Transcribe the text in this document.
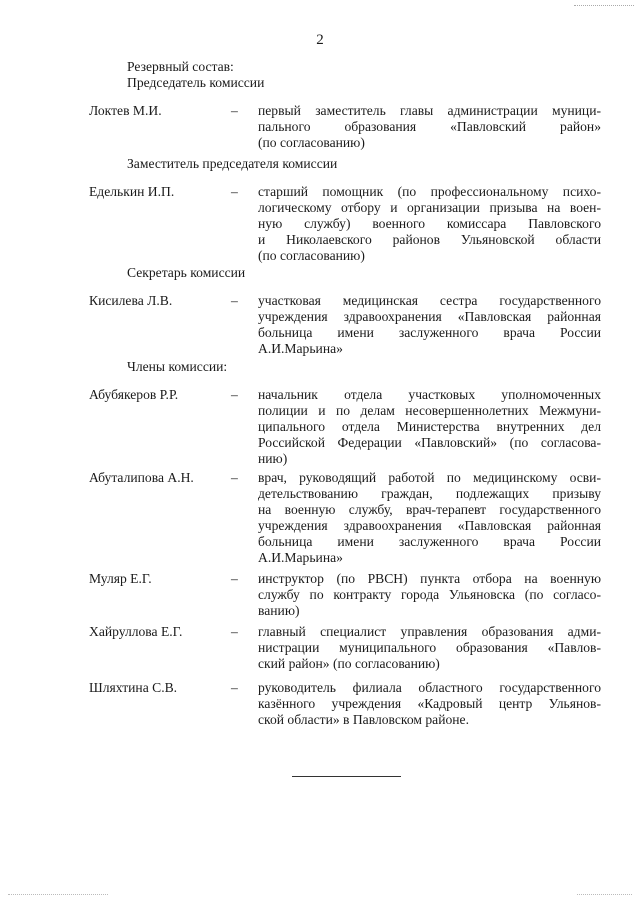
2
Резервный состав:
Председатель комиссии
Локтев М.И.	– первый заместитель главы администрации муници-
пального образования «Павловский район»
(по согласованию)
Заместитель председателя комиссии
Еделькин И.П.	– старший помощник (по профессиональному психо-
логическому отбору и организации призыва на воен-
ную службу) военного комиссара Павловского
и Николаевского районов Ульяновской области
(по согласованию)
Секретарь комиссии
Кисилева Л.В.	– участковая медицинская сестра государственного
учреждения здравоохранения «Павловская районная
больница имени заслуженного врача России
А.И.Марьина»
Члены комиссии:
Абубякеров Р.Р.	– начальник отдела участковых уполномоченных
полиции и по делам несовершеннолетних Межмуни-
ципального отдела Министерства внутренних дел
Российской Федерации «Павловский» (по согласова-
нию)
Абуталипова А.Н.	– врач, руководящий работой по медицинскому осви-
детельствованию граждан, подлежащих призыву
на военную службу, врач-терапевт государственного
учреждения здравоохранения «Павловская районная
больница имени заслуженного врача России
А.И.Марьина»
Муляр Е.Г.	– инструктор (по РВСН) пункта отбора на военную
службу по контракту города Ульяновска (по согласо-
ванию)
Хайруллова Е.Г.	– главный специалист управления образования адми-
нистрации муниципального образования «Павлов-
ский район» (по согласованию)
Шляхтина С.В.	– руководитель филиала областного государственного
казённого учреждения «Кадровый центр Ульянов-
ской области» в Павловском районе.
